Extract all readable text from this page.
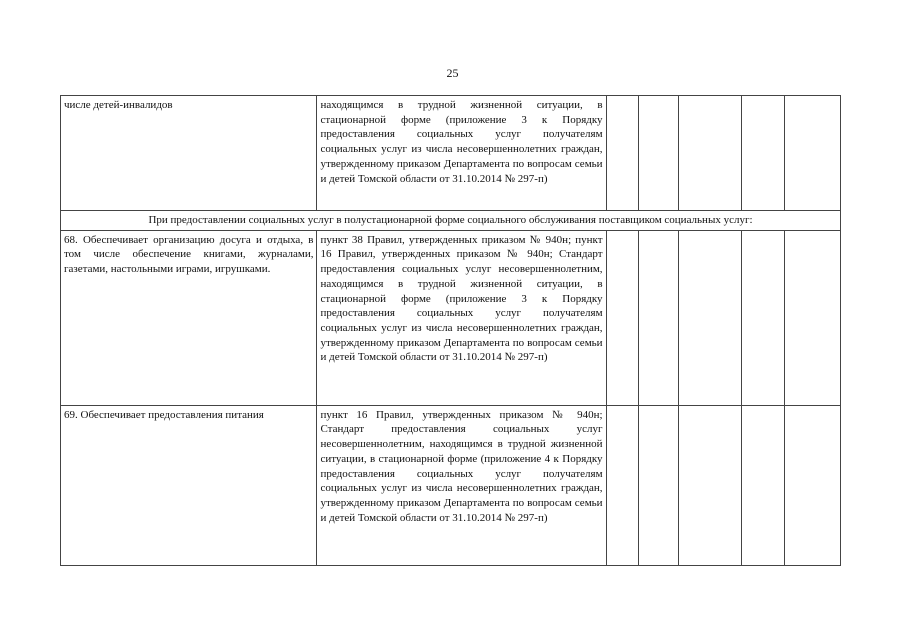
25
числе детей-инвалидов	находящимся в трудной жизненной ситуации, в стационарной форме (приложение 3 к Порядку предоставления социальных услуг получателям социальных услуг из числа несовершеннолетних граждан, утвержденному приказом Департамента по вопросам семьи и детей Томской области от 31.10.2014 № 297-п)					
При предоставлении социальных услуг в полустационарной форме социального обслуживания поставщиком социальных услуг:						
68. Обеспечивает организацию досуга и отдыха, в том числе обеспечение книгами, журналами, газетами, настольными играми, игрушками.	пункт 38 Правил, утвержденных приказом № 940н; пункт 16 Правил, утвержденных приказом № 940н; Стандарт предоставления социальных услуг несовершеннолетним, находящимся в трудной жизненной ситуации, в стационарной форме (приложение 3 к Порядку предоставления социальных услуг получателям социальных услуг из числа несовершеннолетних граждан, утвержденному приказом Департамента по вопросам семьи и детей Томской области от 31.10.2014 № 297-п)					
69. Обеспечивает предоставления питания	пункт 16 Правил, утвержденных приказом № 940н; Стандарт предоставления социальных услуг несовершеннолетним, находящимся в трудной жизненной ситуации, в стационарной форме (приложение 4 к Порядку предоставления социальных услуг получателям социальных услуг из числа несовершеннолетних граждан, утвержденному приказом Департамента по вопросам семьи и детей Томской области от 31.10.2014 № 297-п)					
